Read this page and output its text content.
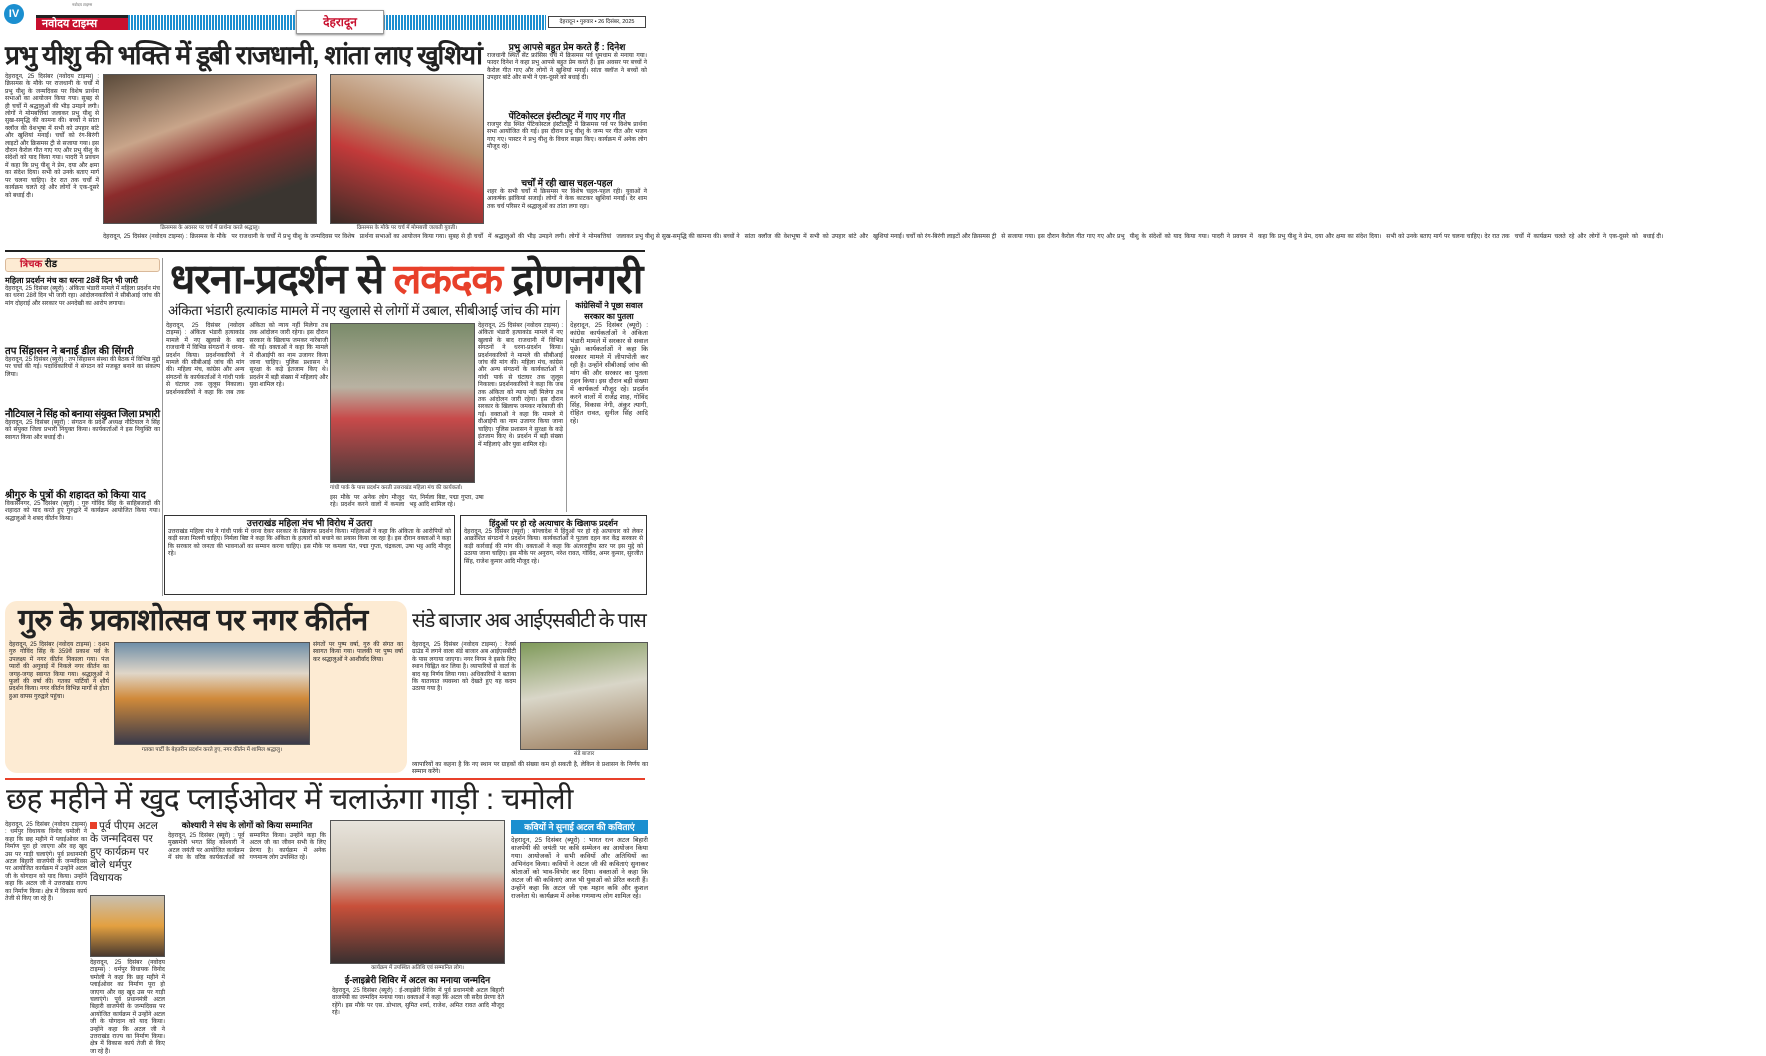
IV
नवोदय टाइम्स
नवोदय टाइम्स	देहरादून	देहरादून • गुरुवार • 26 दिसंबर, 2025
प्रभु यीशु की भक्ति में डूबी राजधानी, शांता लाए खुशियां
देहरादून, 25 दिसंबर (नवोदय टाइम्स) : क्रिसमस के मौके पर राजधानी के चर्चों में प्रभु यीशु के जन्मदिवस पर विशेष प्रार्थना सभाओं का आयोजन किया गया। सुबह से ही चर्चों में श्रद्धालुओं की भीड़ उमड़ने लगी। लोगों ने मोमबत्तियां जलाकर प्रभु यीशु से सुख-समृद्धि की कामना की। बच्चों ने सांता क्लॉज की वेशभूषा में सभी को उपहार बांटे और खुशियां मनाईं। चर्चों को रंग-बिरंगी लाइटों और क्रिसमस ट्री से सजाया गया। इस दौरान कैरोल गीत गाए गए और प्रभु यीशु के संदेशों को याद किया गया। पादरी ने प्रवचन में कहा कि प्रभु यीशु ने प्रेम, दया और क्षमा का संदेश दिया। सभी को उनके बताए मार्ग पर चलना चाहिए। देर रात तक चर्चों में कार्यक्रम चलते रहे और लोगों ने एक-दूसरे को बधाई दी।
क्रिसमस के अवसर पर चर्च में प्रार्थना करते श्रद्धालु।	क्रिसमस के मौके पर चर्च में मोमबत्ती जलाती युवती।
देहरादून, 25 दिसंबर (नवोदय टाइम्स) : क्रिसमस के मौके पर राजधानी के चर्चों में प्रभु यीशु के जन्मदिवस पर विशेष प्रार्थना सभाओं का आयोजन किया गया। सुबह से ही चर्चों में श्रद्धालुओं की भीड़ उमड़ने लगी। लोगों ने मोमबत्तियां जलाकर प्रभु यीशु से सुख-समृद्धि की कामना की। बच्चों ने सांता क्लॉज की वेशभूषा में सभी को उपहार बांटे और खुशियां मनाईं। चर्चों को रंग-बिरंगी लाइटों और क्रिसमस ट्री से सजाया गया। इस दौरान कैरोल गीत गाए गए और प्रभु यीशु के संदेशों को याद किया गया। पादरी ने प्रवचन में कहा कि प्रभु यीशु ने प्रेम, दया और क्षमा का संदेश दिया। सभी को उनके बताए मार्ग पर चलना चाहिए। देर रात तक चर्चों में कार्यक्रम चलते रहे और लोगों ने एक-दूसरे को बधाई दी।
प्रभु आपसे बहुत प्रेम करते हैं : दिनेश
राजधानी स्थित सेंट फ्रांसिस चर्च में क्रिसमस पर्व धूमधाम से मनाया गया। फादर दिनेश ने कहा प्रभु आपसे बहुत प्रेम करते हैं। इस अवसर पर बच्चों ने कैरोल गीत गाए और लोगों ने खुशियां मनाईं। सांता क्लॉज ने बच्चों को उपहार बांटे और सभी ने एक-दूसरे को बधाई दी।
पेंटिकोस्टल इंस्टीट्यूट में गाए गए गीत
राजपुर रोड स्थित पेंटिकोस्टल इंस्टीट्यूट में क्रिसमस पर्व पर विशेष प्रार्थना सभा आयोजित की गई। इस दौरान प्रभु यीशु के जन्म पर गीत और भजन गाए गए। पास्टर ने प्रभु यीशु के विचार साझा किए। कार्यक्रम में अनेक लोग मौजूद रहे।
चर्चों में रही खास चहल-पहल
शहर के सभी चर्चों में क्रिसमस पर विशेष चहल-पहल रही। युवाओं ने आकर्षक झांकियां सजाईं। लोगों ने केक काटकर खुशियां मनाईं। देर शाम तक चर्च परिसर में श्रद्धालुओं का तांता लगा रहा।
त्रिचक रीड
महिला प्रदर्शन मंच का धरना 28वें दिन भी जारी
देहरादून, 25 दिसंबर (ब्यूरो) : अंकिता भंडारी मामले में महिला प्रदर्शन मंच का धरना 28वें दिन भी जारी रहा। आंदोलनकारियों ने सीबीआई जांच की मांग दोहराई और सरकार पर अनदेखी का आरोप लगाया।
तप सिंहासन ने बनाई डील की सिंगरी
देहरादून, 25 दिसंबर (ब्यूरो) : तप सिंहासन संस्था की बैठक में विभिन्न मुद्दों पर चर्चा की गई। पदाधिकारियों ने संगठन को मजबूत बनाने का संकल्प लिया।
नौटियाल ने सिंह को बनाया संयुक्त जिला प्रभारी
देहरादून, 25 दिसंबर (ब्यूरो) : संगठन के प्रदेश अध्यक्ष नौटियाल ने सिंह को संयुक्त जिला प्रभारी नियुक्त किया। कार्यकर्ताओं ने इस नियुक्ति का स्वागत किया और बधाई दी।
श्रीगुरु के पुत्रों की शहादत को किया याद
विकासनगर, 25 दिसंबर (ब्यूरो) : गुरु गोविंद सिंह के साहिबजादों की शहादत को याद करते हुए गुरुद्वारे में कार्यक्रम आयोजित किया गया। श्रद्धालुओं ने शबद कीर्तन किया।
धरना-प्रदर्शन से लकदक द्रोणनगरी
अंकिता भंडारी हत्याकांड मामले में नए खुलासे से लोगों में उबाल, सीबीआई जांच की मांग
देहरादून, 25 दिसंबर (नवोदय टाइम्स) : अंकिता भंडारी हत्याकांड मामले में नए खुलासे के बाद राजधानी में विभिन्न संगठनों ने धरना-प्रदर्शन किया। प्रदर्शनकारियों ने मामले की सीबीआई जांच की मांग की। महिला मंच, कांग्रेस और अन्य संगठनों के कार्यकर्ताओं ने गांधी पार्क से घंटाघर तक जुलूस निकाला। प्रदर्शनकारियों ने कहा कि जब तक अंकिता को न्याय नहीं मिलेगा तब तक आंदोलन जारी रहेगा। इस दौरान सरकार के खिलाफ जमकर नारेबाजी की गई। वक्ताओं ने कहा कि मामले में वीआईपी का नाम उजागर किया जाना चाहिए। पुलिस प्रशासन ने सुरक्षा के कड़े इंतजाम किए थे। प्रदर्शन में बड़ी संख्या में महिलाएं और युवा शामिल रहे।
गांधी पार्क के पास प्रदर्शन करती उत्तराखंड महिला मंच की कार्यकर्ता।
इस मौके पर अनेक लोग मौजूद रहे। प्रदर्शन करने वालों में कमला पंत, निर्मला बिष्ट, पद्मा गुप्ता, उषा भट्ट आदि शामिल रहे।
देहरादून, 25 दिसंबर (नवोदय टाइम्स) : अंकिता भंडारी हत्याकांड मामले में नए खुलासे के बाद राजधानी में विभिन्न संगठनों ने धरना-प्रदर्शन किया। प्रदर्शनकारियों ने मामले की सीबीआई जांच की मांग की। महिला मंच, कांग्रेस और अन्य संगठनों के कार्यकर्ताओं ने गांधी पार्क से घंटाघर तक जुलूस निकाला। प्रदर्शनकारियों ने कहा कि जब तक अंकिता को न्याय नहीं मिलेगा तब तक आंदोलन जारी रहेगा। इस दौरान सरकार के खिलाफ जमकर नारेबाजी की गई। वक्ताओं ने कहा कि मामले में वीआईपी का नाम उजागर किया जाना चाहिए। पुलिस प्रशासन ने सुरक्षा के कड़े इंतजाम किए थे। प्रदर्शन में बड़ी संख्या में महिलाएं और युवा शामिल रहे।
कांग्रेसियों ने पूछा सवाल
सरकार का पुतला
देहरादून, 25 दिसंबर (ब्यूरो) : कांग्रेस कार्यकर्ताओं ने अंकिता भंडारी मामले में सरकार से सवाल पूछे। कार्यकर्ताओं ने कहा कि सरकार मामले में लीपापोती कर रही है। उन्होंने सीबीआई जांच की मांग की और सरकार का पुतला दहन किया। इस दौरान बड़ी संख्या में कार्यकर्ता मौजूद रहे। प्रदर्शन करने वालों में राजेंद्र शाह, गोविंद सिंह, विकास नेगी, अंकुर त्यागी, रोहित रावत, सुनील सिंह आदि रहे।
उत्तराखंड महिला मंच भी विरोध में उतरा
उत्तराखंड महिला मंच ने गांधी पार्क में धरना देकर सरकार के खिलाफ प्रदर्शन किया। महिलाओं ने कहा कि अंकिता के आरोपियों को कड़ी सजा मिलनी चाहिए। निर्मला बिष्ट ने कहा कि अंकिता के हत्यारों को बचाने का प्रयास किया जा रहा है। इस दौरान वक्ताओं ने कहा कि सरकार को जनता की भावनाओं का सम्मान करना चाहिए। इस मौके पर कमला पंत, पद्मा गुप्ता, चंद्रकला, उषा भट्ट आदि मौजूद रहे।
हिंदुओं पर हो रहे अत्याचार के खिलाफ प्रदर्शन
देहरादून, 25 दिसंबर (ब्यूरो) : बांग्लादेश में हिंदुओं पर हो रहे अत्याचार को लेकर आक्रोशित संगठनों ने प्रदर्शन किया। कार्यकर्ताओं ने पुतला दहन कर केंद्र सरकार से कड़ी कार्रवाई की मांग की। वक्ताओं ने कहा कि अंतरराष्ट्रीय स्तर पर इस मुद्दे को उठाया जाना चाहिए। इस मौके पर अनुराग, नरेश रावत, गोविंद, अमर कुमार, सुरजीत सिंह, राजेश कुमार आदि मौजूद रहे।
गुरु के प्रकाशोत्सव पर नगर कीर्तन
देहरादून, 25 दिसंबर (नवोदय टाइम्स) : दशम गुरु गोविंद सिंह के 359वें प्रकाश पर्व के उपलक्ष्य में नगर कीर्तन निकाला गया। पंज प्यारों की अगुवाई में निकले नगर कीर्तन का जगह-जगह स्वागत किया गया। श्रद्धालुओं ने फूलों की वर्षा की। गतका पार्टियों ने शौर्य प्रदर्शन किया। नगर कीर्तन विभिन्न मार्गों से होता हुआ वापस गुरुद्वारे पहुंचा।
गतका पार्टी के बेहतरीन प्रदर्शन करते हुए, नगर कीर्तन में शामिल श्रद्धालु।
संगतों पर पुष्प वर्षा, गुरु की संगत का स्वागत किया गया। पालकी पर पुष्प वर्षा कर श्रद्धालुओं ने आशीर्वाद लिया।
संडे बाजार अब आईएसबीटी के पास
देहरादून, 25 दिसंबर (नवोदय टाइम्स) : रेंजर्स ग्राउंड में लगने वाला संडे बाजार अब आईएसबीटी के पास लगाया जाएगा। नगर निगम ने इसके लिए स्थान चिह्नित कर लिया है। व्यापारियों से वार्ता के बाद यह निर्णय लिया गया। अधिकारियों ने बताया कि यातायात व्यवस्था को देखते हुए यह कदम उठाया गया है।
संडे बाजार
व्यापारियों का कहना है कि नए स्थान पर ग्राहकों की संख्या कम हो सकती है, लेकिन वे प्रशासन के निर्णय का सम्मान करेंगे।
छह महीने में खुद प्लाईओवर में चलाऊंगा गाड़ी : चमोली
देहरादून, 25 दिसंबर (नवोदय टाइम्स) : धर्मपुर विधायक विनोद चमोली ने कहा कि छह महीने में प्लाईओवर का निर्माण पूरा हो जाएगा और वह खुद उस पर गाड़ी चलाएंगे। पूर्व प्रधानमंत्री अटल बिहारी वाजपेयी के जन्मदिवस पर आयोजित कार्यक्रम में उन्होंने अटल जी के योगदान को याद किया। उन्होंने कहा कि अटल जी ने उत्तराखंड राज्य का निर्माण किया। क्षेत्र में विकास कार्य तेजी से किए जा रहे हैं।
पूर्व पीएम अटल के जन्मदिवस पर हुए कार्यक्रम पर बोले धर्मपुर विधायक
देहरादून, 25 दिसंबर (नवोदय टाइम्स) : धर्मपुर विधायक विनोद चमोली ने कहा कि छह महीने में प्लाईओवर का निर्माण पूरा हो जाएगा और वह खुद उस पर गाड़ी चलाएंगे। पूर्व प्रधानमंत्री अटल बिहारी वाजपेयी के जन्मदिवस पर आयोजित कार्यक्रम में उन्होंने अटल जी के योगदान को याद किया। उन्होंने कहा कि अटल जी ने उत्तराखंड राज्य का निर्माण किया। क्षेत्र में विकास कार्य तेजी से किए जा रहे हैं।
कोश्यारी ने संघ के लोगों को किया सम्मानित
देहरादून, 25 दिसंबर (ब्यूरो) : पूर्व मुख्यमंत्री भगत सिंह कोश्यारी ने अटल जयंती पर आयोजित कार्यक्रम में संघ के वरिष्ठ कार्यकर्ताओं को सम्मानित किया। उन्होंने कहा कि अटल जी का जीवन सभी के लिए प्रेरणा है। कार्यक्रम में अनेक गणमान्य लोग उपस्थित रहे।
कार्यक्रम में उपस्थित अतिथि एवं सम्मानित लोग।
ई-लाइब्रेरी शिविर में अटल का मनाया जन्मदिन
देहरादून, 25 दिसंबर (ब्यूरो) : ई-लाइब्रेरी शिविर में पूर्व प्रधानमंत्री अटल बिहारी वाजपेयी का जन्मदिन मनाया गया। वक्ताओं ने कहा कि अटल जी सदैव प्रेरणा देते रहेंगे। इस मौके पर एस. डोभाल, सुमित शर्मा, राजेश, अमित रावत आदि मौजूद रहे।
कवियों ने सुनाई अटल की कविताएं
देहरादून, 25 दिसंबर (ब्यूरो) : भारत रत्न अटल बिहारी वाजपेयी की जयंती पर कवि सम्मेलन का आयोजन किया गया। आयोजकों ने सभी कवियों और अतिथियों का अभिनंदन किया। कवियों ने अटल जी की कविताएं सुनाकर श्रोताओं को भाव-विभोर कर दिया। वक्ताओं ने कहा कि अटल जी की कविताएं आज भी युवाओं को प्रेरित करती हैं। उन्होंने कहा कि अटल जी एक महान कवि और कुशल राजनेता थे। कार्यक्रम में अनेक गणमान्य लोग शामिल रहे।
